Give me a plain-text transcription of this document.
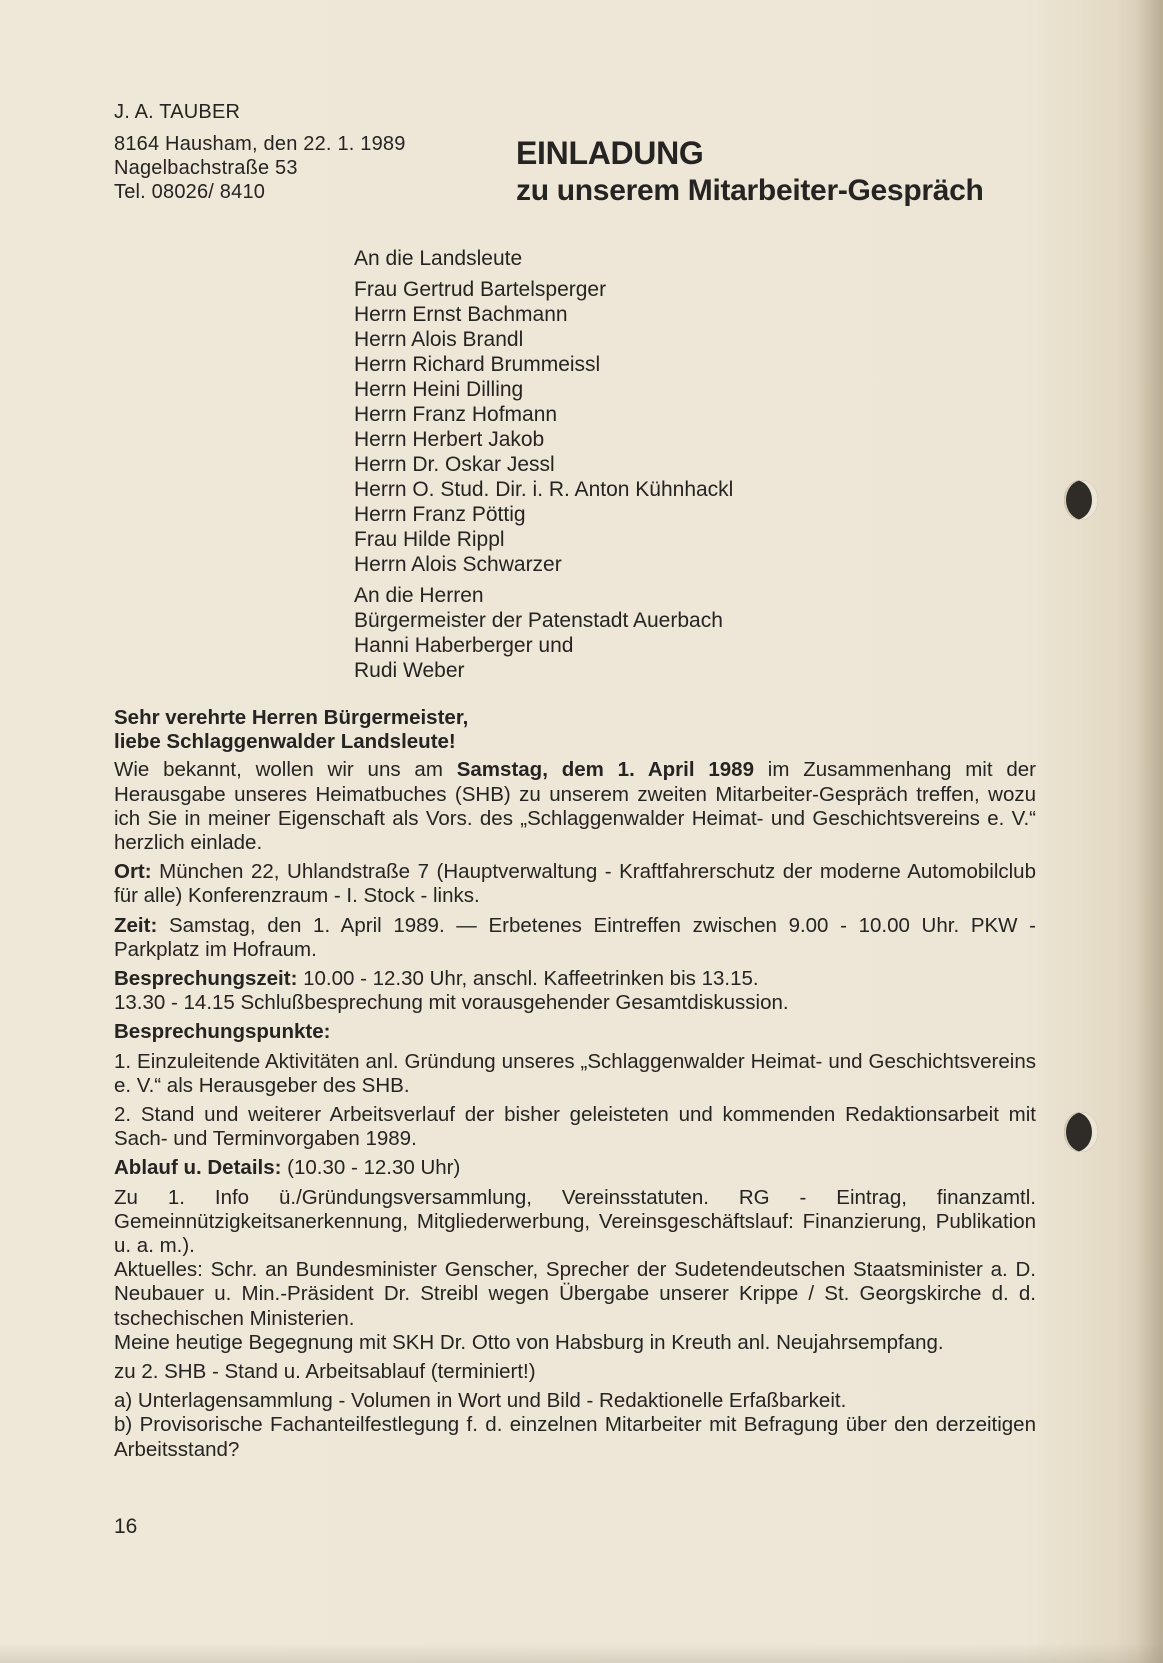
J. A. TAUBER
8164 Hausham, den 22. 1. 1989
Nagelbachstraße 53
Tel. 08026/ 8410
EINLADUNG
zu unserem Mitarbeiter-Gespräch
An die Landsleute
Frau Gertrud Bartelsperger
Herrn Ernst Bachmann
Herrn Alois Brandl
Herrn Richard Brummeissl
Herrn Heini Dilling
Herrn Franz Hofmann
Herrn Herbert Jakob
Herrn Dr. Oskar Jessl
Herrn O. Stud. Dir. i. R. Anton Kühnhackl
Herrn Franz Pöttig
Frau Hilde Rippl
Herrn Alois Schwarzer
An die Herren
Bürgermeister der Patenstadt Auerbach
Hanni Haberberger und
Rudi Weber

Sehr verehrte Herren Bürgermeister,
liebe Schlaggenwalder Landsleute!

Wie bekannt, wollen wir uns am Samstag, dem 1. April 1989 im Zusammenhang mit der Herausgabe unseres Heimatbuches (SHB) zu unserem zweiten Mitarbeiter-Gespräch treffen, wozu ich Sie in meiner Eigenschaft als Vors. des „Schlaggenwalder Heimat- und Geschichtsvereins e. V.“ herzlich einlade.

Ort: München 22, Uhlandstraße 7 (Hauptverwaltung - Kraftfahrerschutz der moderne Automobilclub für alle) Konferenzraum - I. Stock - links.

Zeit: Samstag, den 1. April 1989. — Erbetenes Eintreffen zwischen 9.00 - 10.00 Uhr. PKW - Parkplatz im Hofraum.

Besprechungszeit: 10.00 - 12.30 Uhr, anschl. Kaffeetrinken bis 13.15.
13.30 - 14.15 Schlußbesprechung mit vorausgehender Gesamtdiskussion.

Besprechungspunkte:

1. Einzuleitende Aktivitäten anl. Gründung unseres „Schlaggenwalder Heimat- und Geschichtsvereins e. V.“ als Herausgeber des SHB.

2. Stand und weiterer Arbeitsverlauf der bisher geleisteten und kommenden Redaktionsarbeit mit Sach- und Terminvorgaben 1989.

Ablauf u. Details: (10.30 - 12.30 Uhr)

Zu 1. Info ü./Gründungsversammlung, Vereinsstatuten. RG - Eintrag, finanzamtl. Gemeinnützigkeitsanerkennung, Mitgliederwerbung, Vereinsgeschäftslauf: Finanzierung, Publikation u. a. m.).

Aktuelles: Schr. an Bundesminister Genscher, Sprecher der Sudetendeutschen Staatsminister a. D. Neubauer u. Min.-Präsident Dr. Streibl wegen Übergabe unserer Krippe / St. Georgskirche d. d. tschechischen Ministerien.

Meine heutige Begegnung mit SKH Dr. Otto von Habsburg in Kreuth anl. Neujahrsempfang.

zu 2. SHB - Stand u. Arbeitsablauf (terminiert!)

a) Unterlagensammlung - Volumen in Wort und Bild - Redaktionelle Erfaßbarkeit.

b) Provisorische Fachanteilfestlegung f. d. einzelnen Mitarbeiter mit Befragung über den derzeitigen Arbeitsstand?

16
